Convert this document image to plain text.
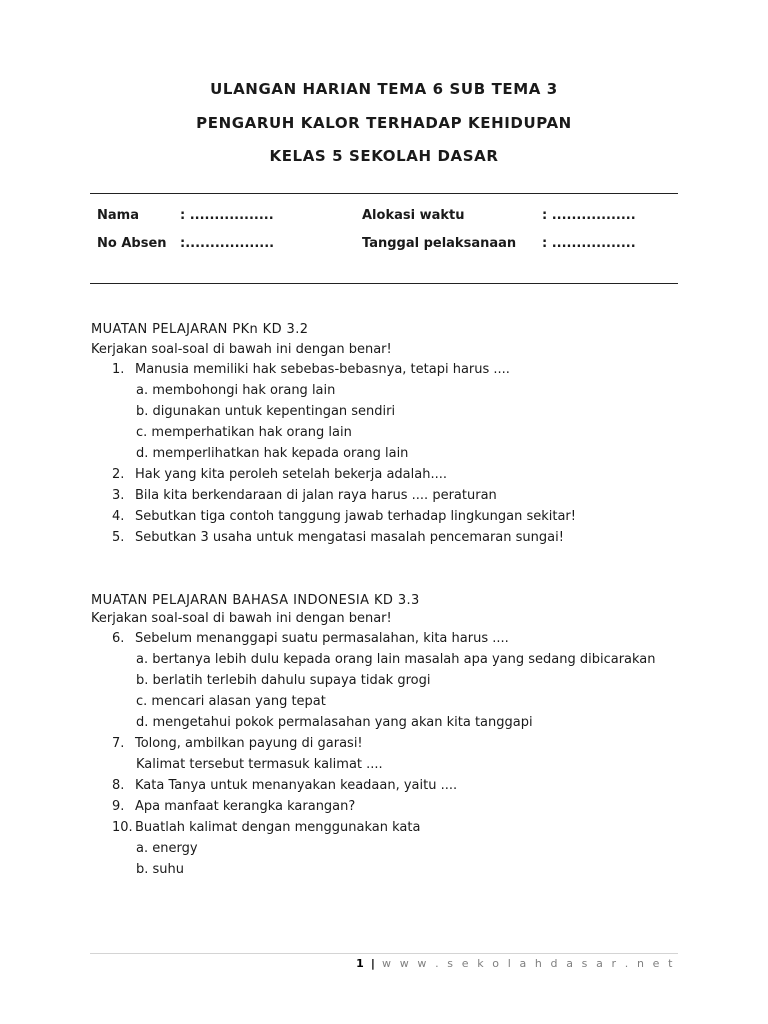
ULANGAN HARIAN TEMA 6 SUB TEMA 3
PENGARUH KALOR TERHADAP KEHIDUPAN
KELAS 5 SEKOLAH DASAR
Nama	: .................	Alokasi waktu	: .................
No Absen :..................	Tanggal pelaksanaan : .................
MUATAN PELAJARAN PKn KD 3.2
Kerjakan soal-soal di bawah ini dengan benar!
1. Manusia memiliki hak sebebas-bebasnya, tetapi harus ....
a. membohongi hak orang lain
b. digunakan untuk kepentingan sendiri
c. memperhatikan hak orang lain
d. memperlihatkan hak kepada orang lain
2. Hak yang kita peroleh setelah bekerja adalah....
3. Bila kita berkendaraan di jalan raya harus .... peraturan
4. Sebutkan tiga contoh tanggung jawab terhadap lingkungan sekitar!
5. Sebutkan 3 usaha untuk mengatasi masalah pencemaran sungai!
MUATAN PELAJARAN BAHASA INDONESIA KD 3.3
Kerjakan soal-soal di bawah ini dengan benar!
6. Sebelum menanggapi suatu permasalahan, kita harus ....
a. bertanya lebih dulu kepada orang lain masalah apa yang sedang dibicarakan
b. berlatih terlebih dahulu supaya tidak grogi
c. mencari alasan yang tepat
d. mengetahui pokok permalasahan yang akan kita tanggapi
7. Tolong, ambilkan payung di garasi!
Kalimat tersebut termasuk kalimat ....
8. Kata Tanya untuk menanyakan keadaan, yaitu ....
9. Apa manfaat kerangka karangan?
10. Buatlah kalimat dengan menggunakan kata
a. energy
b. suhu
1 | w w w . s e k o l a h d a s a r . n e t
